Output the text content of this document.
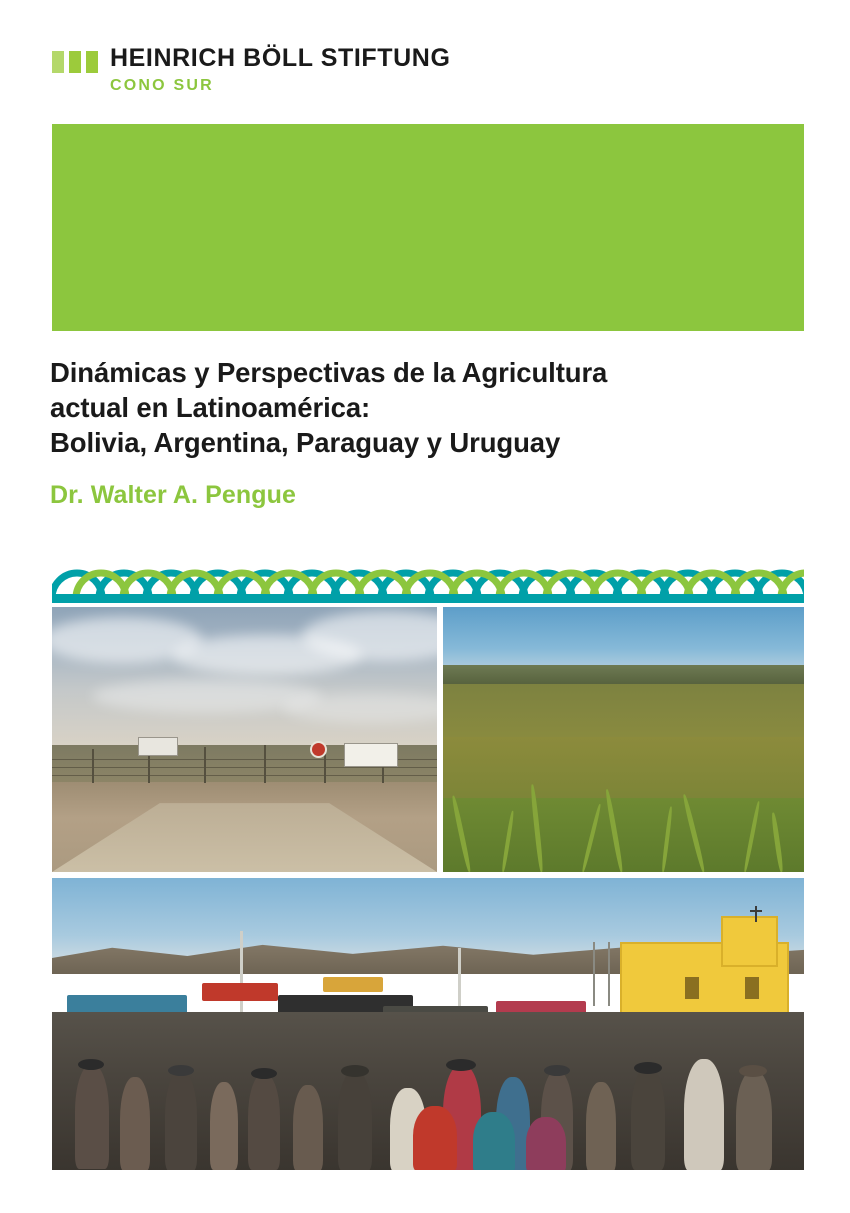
HEINRICH BÖLL STIFTUNG
CONO SUR
Dinámicas y Perspectivas de la Agricultura
actual en Latinoamérica:
Bolivia, Argentina, Paraguay y Uruguay
Dr. Walter A. Pengue
